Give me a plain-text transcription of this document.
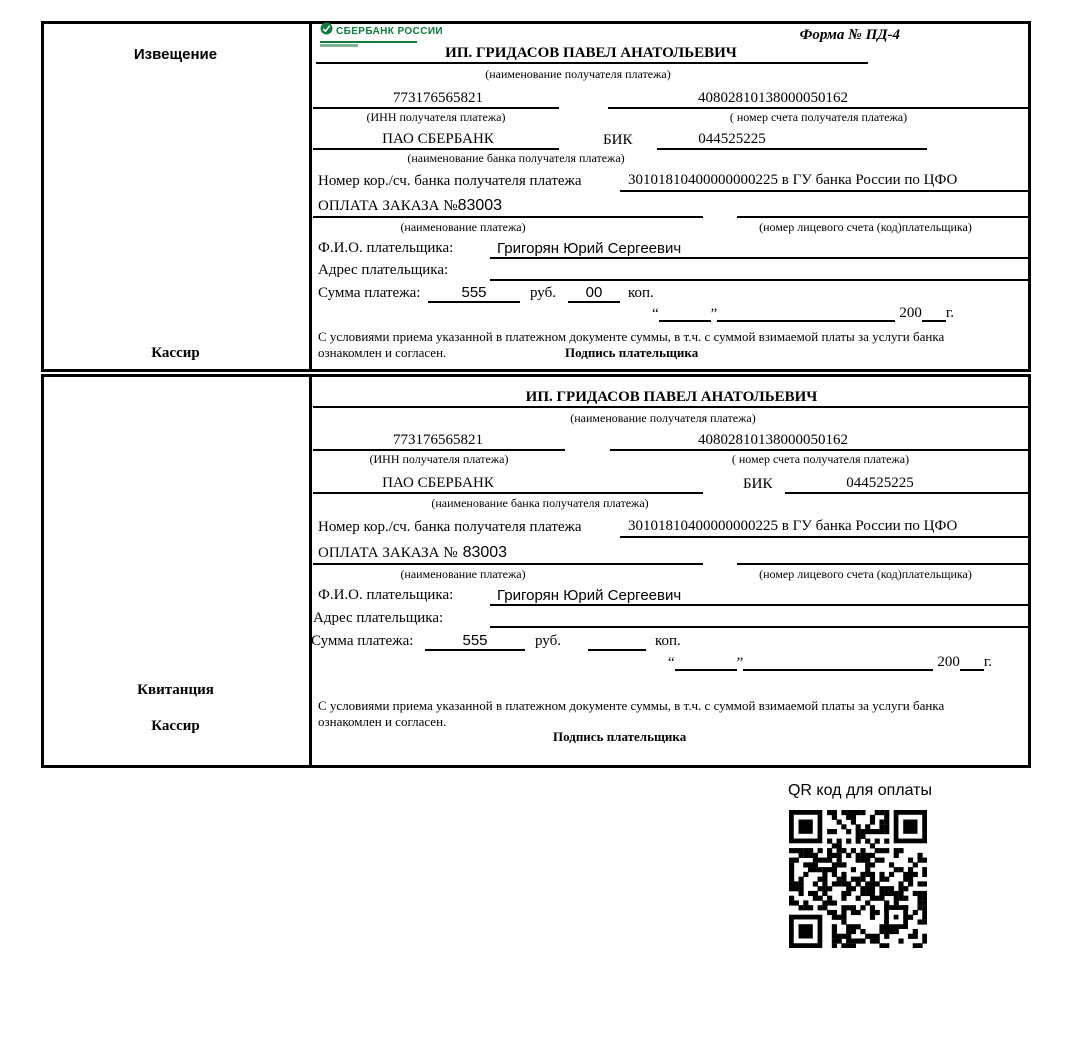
Извещение
Кассир
СБЕРБАНК РОССИИ	Форма № ПД-4
ИП. ГРИДАСОВ ПАВЕЛ АНАТОЛЬЕВИЧ
(наименование получателя платежа)
773176565821	40802810138000050162
(ИНН получателя платежа)	( номер счета получателя платежа)
ПАО СБЕРБАНК	БИК	044525225
(наименование банка получателя платежа)
Номер кор./сч. банка получателя платежа	30101810400000000225 в ГУ банка России по ЦФО
ОПЛАТА ЗАКАЗА №83003
(наименование платежа)	(номер лицевого счета (код)плательщика)
Ф.И.О. плательщика:	Григорян Юрий Сергеевич
Адрес плательщика:
Сумма платежа:	555	руб.	00	коп.
“	”	200 г.
С условиями приема указанной в платежном документе суммы, в т.ч. с суммой взимаемой платы за услуги банка
ознакомлен и согласен.	Подпись плательщика
Квитанция
Кассир
ИП. ГРИДАСОВ ПАВЕЛ АНАТОЛЬЕВИЧ
(наименование получателя платежа)
773176565821	40802810138000050162
(ИНН получателя платежа)	( номер счета получателя платежа)
ПАО СБЕРБАНК	БИК	044525225
(наименование банка получателя платежа)
Номер кор./сч. банка получателя платежа	30101810400000000225 в ГУ банка России по ЦФО
ОПЛАТА ЗАКАЗА № 83003
(наименование платежа)	(номер лицевого счета (код)плательщика)
Ф.И.О. плательщика:	Григорян Юрий Сергеевич
Адрес плательщика:
Сумма платежа:	555	руб.	коп.
“	”	200 г.
С условиями приема указанной в платежном документе суммы, в т.ч. с суммой взимаемой платы за услуги банка
ознакомлен и согласен.
Подпись плательщика
QR код для оплаты
